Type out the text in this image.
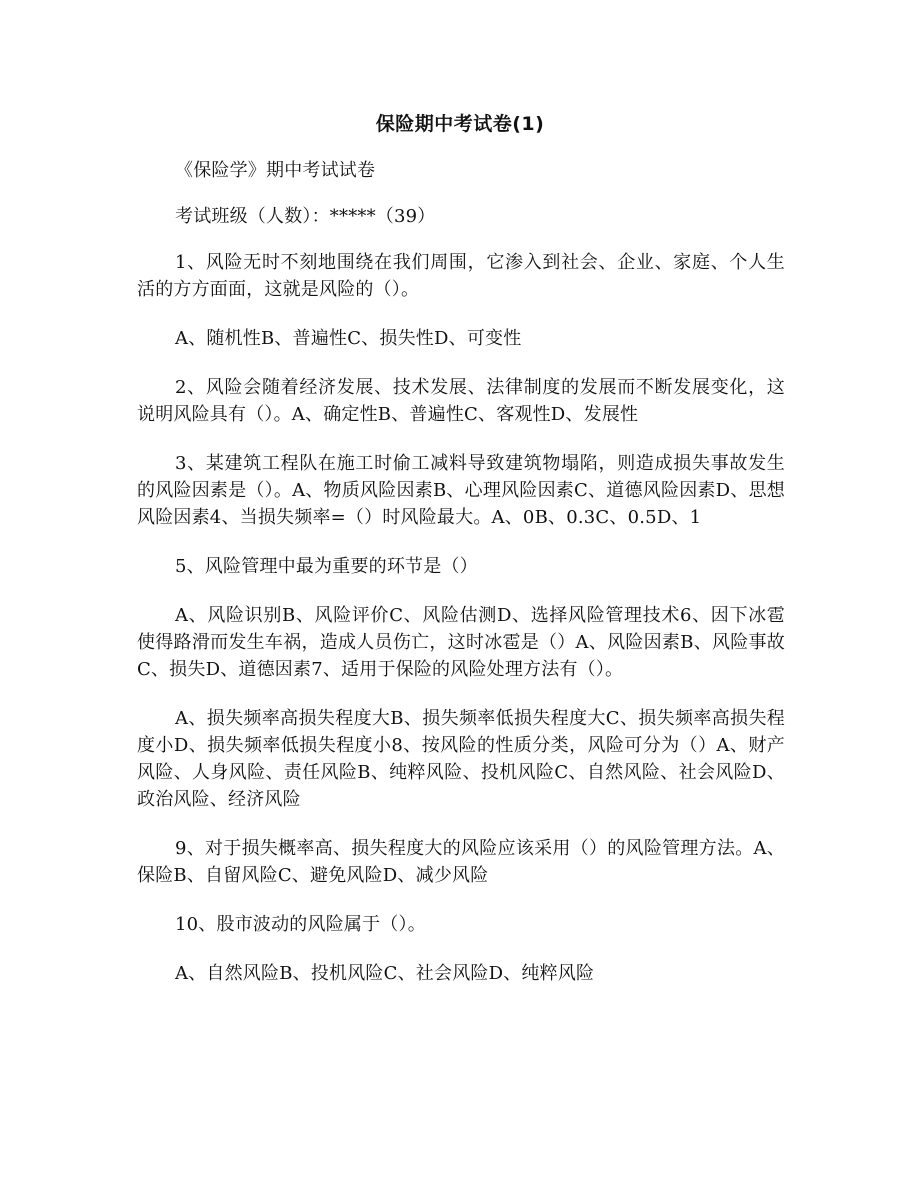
保险期中考试卷(1)

《保险学》期中考试试卷

考试班级（人数）：*****（39）

1、风险无时不刻地围绕在我们周围，它渗入到社会、企业、家庭、个人生活的方方面面，这就是风险的（）。

A、随机性B、普遍性C、损失性D、可变性

2、风险会随着经济发展、技术发展、法律制度的发展而不断发展变化，这说明风险具有（）。A、确定性B、普遍性C、客观性D、发展性

3、某建筑工程队在施工时偷工减料导致建筑物塌陷，则造成损失事故发生的风险因素是（）。A、物质风险因素B、心理风险因素C、道德风险因素D、思想风险因素4、当损失频率=（）时风险最大。A、0B、0.3C、0.5D、1

5、风险管理中最为重要的环节是（）

A、风险识别B、风险评价C、风险估测D、选择风险管理技术6、因下冰雹使得路滑而发生车祸，造成人员伤亡，这时冰雹是（）A、风险因素B、风险事故C、损失D、道德因素7、适用于保险的风险处理方法有（）。

A、损失频率高损失程度大B、损失频率低损失程度大C、损失频率高损失程度小D、损失频率低损失程度小8、按风险的性质分类，风险可分为（）A、财产风险、人身风险、责任风险B、纯粹风险、投机风险C、自然风险、社会风险D、政治风险、经济风险

9、对于损失概率高、损失程度大的风险应该采用（）的风险管理方法。A、保险B、自留风险C、避免风险D、减少风险

10、股市波动的风险属于（）。

A、自然风险B、投机风险C、社会风险D、纯粹风险
